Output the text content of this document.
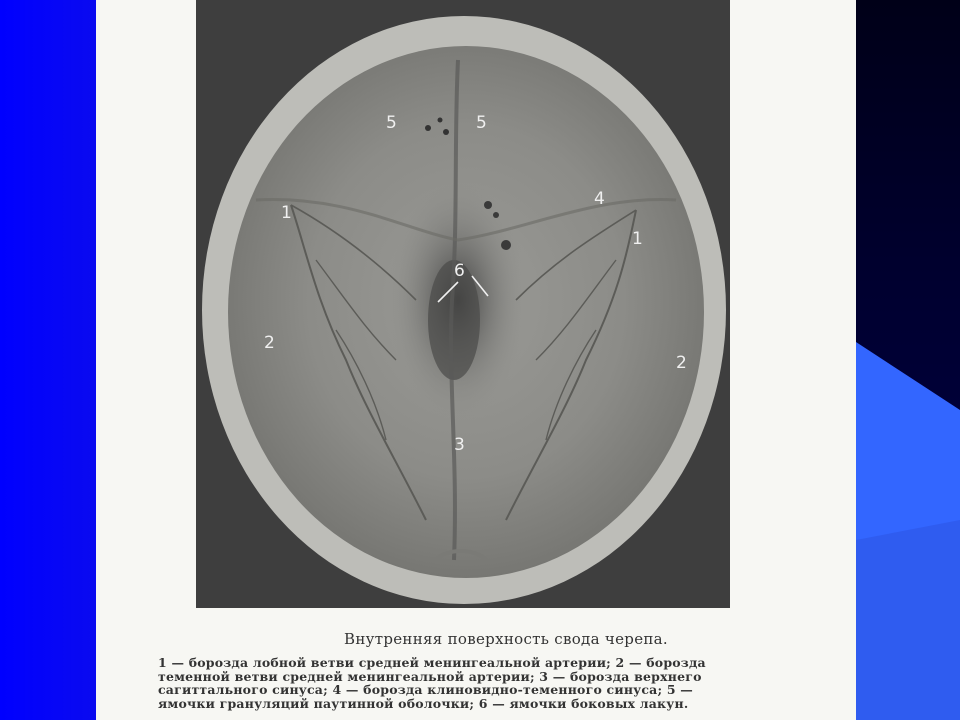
5	5
4
1
1
6
2
2
3
Внутренняя поверхность свода черепа.
1 — борозда лобной ветви средней менингеальной артерии; 2 — борозда
теменной ветви средней менингеальной артерии; 3 — борозда верхнего
сагиттального синуса; 4 — борозда клиновидно-теменного синуса; 5 —
ямочки грануляций паутинной оболочки; 6 — ямочки боковых лакун.
